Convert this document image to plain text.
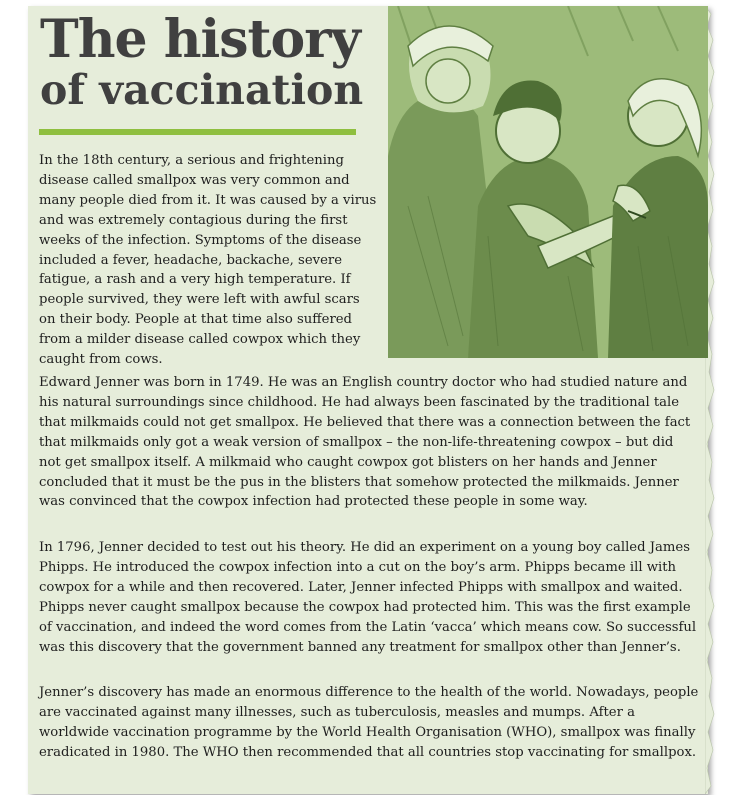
The history
of vaccination

In the 18th century, a serious and frightening disease called smallpox was very common and many people died from it. It was caused by a virus and was extremely contagious during the first weeks of the infection. Symptoms of the disease included a fever, headache, backache, severe fatigue, a rash and a very high temperature. If people survived, they were left with awful scars on their body. People at that time also suffered from a milder disease called cowpox which they caught from cows.

Edward Jenner was born in 1749. He was an English country doctor who had studied nature and his natural surroundings since childhood. He had always been fascinated by the traditional tale that milkmaids could not get smallpox. He believed that there was a connection between the fact that milkmaids only got a weak version of smallpox – the non-life-threatening cowpox – but did not get smallpox itself. A milkmaid who caught cowpox got blisters on her hands and Jenner concluded that it must be the pus in the blisters that somehow protected the milkmaids. Jenner was convinced that the cowpox infection had protected these people in some way.

In 1796, Jenner decided to test out his theory. He did an experiment on a young boy called James Phipps. He introduced the cowpox infection into a cut on the boy’s arm. Phipps became ill with cowpox for a while and then recovered. Later, Jenner infected Phipps with smallpox and waited. Phipps never caught smallpox because the cowpox had protected him. This was the first example of vaccination, and indeed the word comes from the Latin ‘vacca’ which means cow. So successful was this discovery that the government banned any treatment for smallpox other than Jenner’s.

Jenner’s discovery has made an enormous difference to the health of the world. Nowadays, people are vaccinated against many illnesses, such as tuberculosis, measles and mumps. After a worldwide vaccination programme by the World Health Organisation (WHO), smallpox was finally eradicated in 1980. The WHO then recommended that all countries stop vaccinating for smallpox.
